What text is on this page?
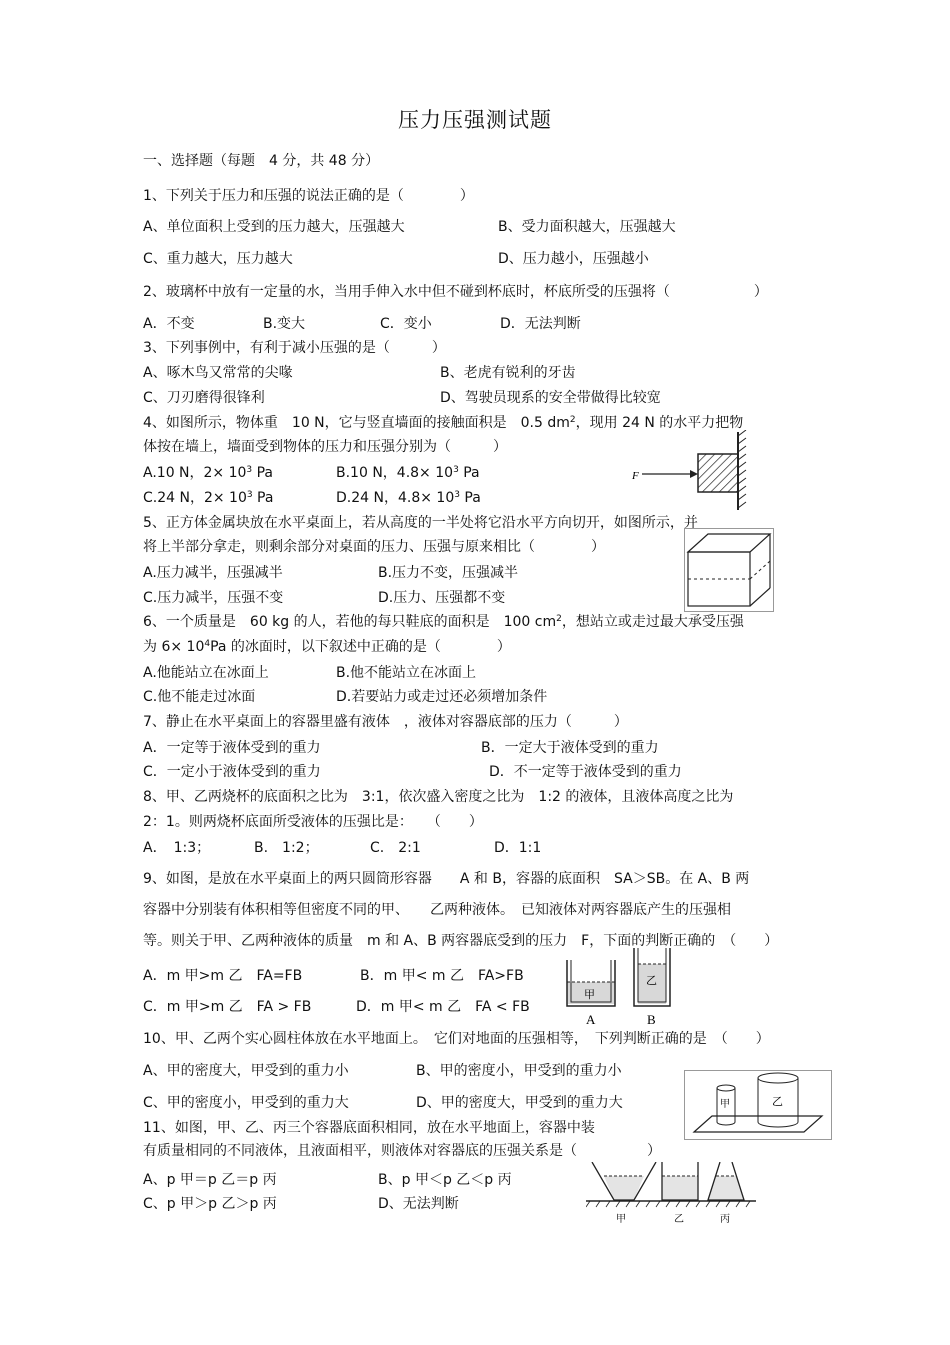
压力压强测试题
一、选择题（每题　4 分，共 48 分）
1、下列关于压力和压强的说法正确的是（　　　　）
A、单位面积上受到的压力越大，压强越大	B、受力面积越大，压强越大
C、重力越大，压力越大	D、压力越小，压强越小
2、玻璃杯中放有一定量的水，当用手伸入水中但不碰到杯底时，杯底所受的压强将（　　　　　　）
A．不变	B.变大	C．变小	D．无法判断
3、下列事例中，有利于减小压强的是（　　　）
A、啄木鸟又常常的尖喙	B、老虎有锐利的牙齿
C、刀刃磨得很锋利	D、驾驶员现系的安全带做得比较宽
4、如图所示，物体重　10 N，它与竖直墙面的接触面积是　0.5 $dm^2$，现用 24 N 的水平力把物
体按在墙上，墙面受到物体的压力和压强分别为（　　　）
A.10 N，$2\times 10^3$ Pa	B.10 N，$4.8\times 10^3$ Pa
C.24 N，$2\times 10^3$ Pa	D.24 N，$4.8\times 10^3$ Pa
F
5、正方体金属块放在水平桌面上，若从高度的一半处将它沿水平方向切开，如图所示，并
将上半部分拿走，则剩余部分对桌面的压力、压强与原来相比（　　　　）
A.压力减半，压强减半	B.压力不变，压强减半
C.压力减半，压强不变	D.压力、压强都不变
6、一个质量是　60 kg 的人，若他的每只鞋底的面积是　100 $cm^2$，想站立或走过最大承受压强
为 $6\times 10^4Pa$ 的冰面时，以下叙述中正确的是（　　　　）
A.他能站立在冰面上	B.他不能站立在冰面上
C.他不能走过冰面	D.若要站力或走过还必须增加条件
7、静止在水平桌面上的容器里盛有液体　，液体对容器底部的压力（　　　）
A．一定等于液体受到的重力	B．一定大于液体受到的重力
C．一定小于液体受到的重力	D．不一定等于液体受到的重力
8、甲、乙两烧杯的底面积之比为　3:1，依次盛入密度之比为　1:2 的液体，且液体高度之比为
2：1。则两烧杯底面所受液体的压强比是：　　（　　）
A．　1:3；	B.　1:2；	C.　2:1	D．1:1
9、如图，是放在水平桌面上的两只圆筒形容器　　A 和 B，容器的底面积　SA＞SB。在 A、B 两
容器中分别装有体积相等但密度不同的甲、　　乙两种液体。　已知液体对两容器底产生的压强相
等。则关于甲、乙两种液体的质量　m 和 A、B 两容器底受到的压力　F，下面的判断正确的　（　　）
A．m 甲>m 乙　FA=FB	B．m 甲< m 乙　FA>FB
C．m 甲>m 乙　FA > FB	D．m 甲< m 乙　FA < FB
甲
乙
A	B
10、甲、乙两个实心圆柱体放在水平地面上。　它们对地面的压强相等，　下列判断正确的是　（　　）
A、甲的密度大，甲受到的重力小	B、甲的密度小，甲受到的重力小
C、甲的密度小，甲受到的重力大	D、甲的密度大，甲受到的重力大	甲	乙
11、如图，甲、乙、丙三个容器底面积相同，放在水平地面上，容器中装
有质量相同的不同液体，且液面相平，则液体对容器底的压强关系是（　　　　　）
A、p 甲＝p 乙＝p 丙	B、p 甲＜p 乙＜p 丙
C、p 甲＞p 乙＞p 丙	D、无法判断
甲	乙	丙
